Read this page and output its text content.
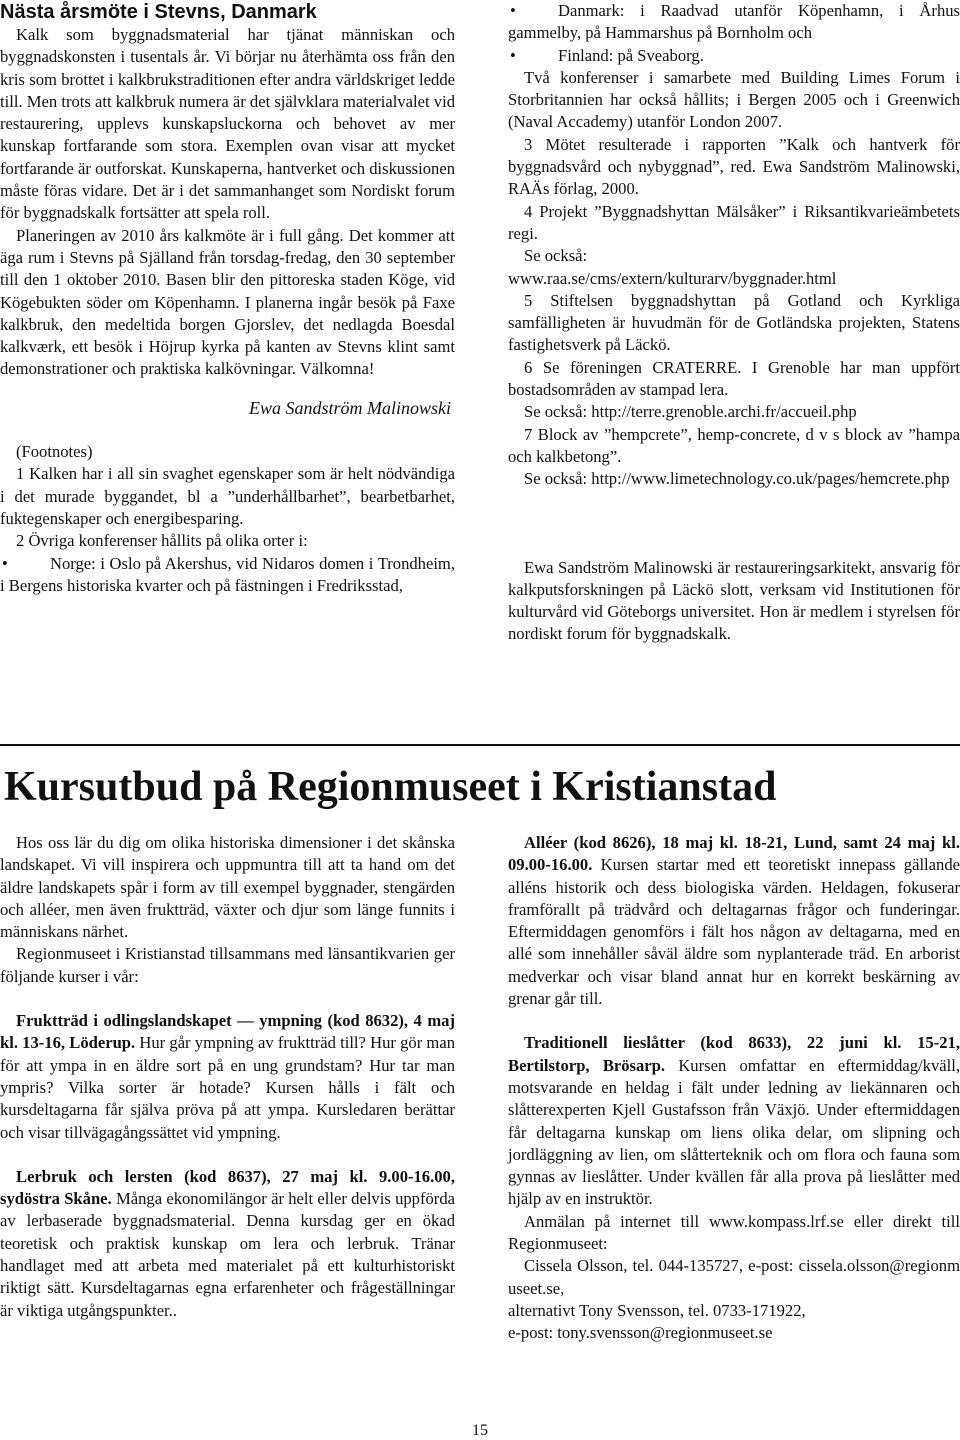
Nästa årsmöte i Stevns, Danmark

Kalk som byggnadsmaterial har tjänat människan och byggnadskonsten i tusentals år. Vi börjar nu återhämta oss från den kris som brottet i kalkbrukstraditionen efter andra världskriget ledde till. Men trots att kalkbruk numera är det självklara materialvalet vid restaurering, upplevs kunskapsluckorna och behovet av mer kunskap fortfarande som stora. Exemplen ovan visar att mycket fortfarande är outforskat. Kunskaperna, hantverket och diskussionen måste föras vidare. Det är i det sammanhanget som Nordiskt forum för byggnadskalk fortsätter att spela roll.

Planeringen av 2010 års kalkmöte är i full gång. Det kommer att äga rum i Stevns på Själland från torsdag-fredag, den 30 september till den 1 oktober 2010. Basen blir den pittoreska staden Köge, vid Kögebukten söder om Köpenhamn. I planerna ingår besök på Faxe kalkbruk, den medeltida borgen Gjorslev, det nedlagda Boesdal kalkværk, ett besök i Höjrup kyrka på kanten av Stevns klint samt demonstrationer och praktiska kalkövningar. Välkomna!

Ewa Sandström Malinowski

(Footnotes)

1 Kalken har i all sin svaghet egenskaper som är helt nödvändiga i det murade byggandet, bl a ”underhållbarhet”, bearbetbarhet, fuktegenskaper och energibesparing.

2 Övriga konferenser hållits på olika orter i:

•	Norge: i Oslo på Akershus, vid Nidaros domen i Trondheim, i Bergens historiska kvarter och på fästningen i Fredriksstad,

•	Danmark: i Raadvad utanför Köpenhamn, i Århus gammelby, på Hammarshus på Bornholm och

•	Finland: på Sveaborg.

Två konferenser i samarbete med Building Limes Forum i Storbritannien har också hållits; i Bergen 2005 och i Greenwich (Naval Accademy) utanför London 2007.

3 Mötet resulterade i rapporten ”Kalk och hantverk för byggnadsvård och nybyggnad”, red. Ewa Sandström Malinowski, RAÄs förlag, 2000.

4 Projekt ”Byggnadshyttan Mälsåker” i Riksantikvarieämbetets regi.

Se också:

www.raa.se/cms/extern/kulturarv/byggnader.html

5 Stiftelsen byggnadshyttan på Gotland och Kyrkliga samfälligheten är huvudmän för de Gotländska projekten, Statens fastighetsverk på Läckö.

6 Se föreningen CRATERRE. I Grenoble har man uppfört bostadsområden av stampad lera.

Se också: http://terre.grenoble.archi.fr/accueil.php

7 Block av ”hempcrete”, hemp-concrete, d v s block av ”hampa och kalkbetong”.

Se också: http://www.limetechnology.co.uk/pages/hemcrete.php

Ewa Sandström Malinowski är restaureringsarkitekt, ansvarig för kalkputsforskningen på Läckö slott, verksam vid Institutionen för kulturvård vid Göteborgs universitet. Hon är medlem i styrelsen för nordiskt forum för byggnadskalk.

Kursutbud på Regionmuseet i Kristianstad

Hos oss lär du dig om olika historiska dimensioner i det skånska landskapet. Vi vill inspirera och uppmuntra till att ta hand om det äldre landskapets spår i form av till exempel byggnader, stengärden och alléer, men även fruktträd, växter och djur som länge funnits i människans närhet.

Regionmuseet i Kristianstad tillsammans med länsantikvarien ger följande kurser i vår:

Fruktträd i odlingslandskapet — ympning (kod 8632), 4 maj kl. 13-16, Löderup. Hur går ympning av fruktträd till? Hur gör man för att ympa in en äldre sort på en ung grundstam? Hur tar man ympris? Vilka sorter är hotade? Kursen hålls i fält och kursdeltagarna får själva pröva på att ympa. Kursledaren berättar och visar tillvägagångssättet vid ympning.

Lerbruk och lersten (kod 8637), 27 maj kl. 9.00-16.00, sydöstra Skåne. Många ekonomilängor är helt eller delvis uppförda av lerbaserade byggnadsmaterial. Denna kursdag ger en ökad teoretisk och praktisk kunskap om lera och lerbruk. Tränar handlaget med att arbeta med materialet på ett kulturhistoriskt riktigt sätt. Kursdeltagarnas egna erfarenheter och frågeställningar är viktiga utgångspunkter..

Alléer (kod 8626), 18 maj kl. 18-21, Lund, samt 24 maj kl. 09.00-16.00. Kursen startar med ett teoretiskt innepass gällande alléns historik och dess biologiska värden. Heldagen, fokuserar framförallt på trädvård och deltagarnas frågor och funderingar. Eftermiddagen genomförs i fält hos någon av deltagarna, med en allé som innehåller såväl äldre som nyplanterade träd. En arborist medverkar och visar bland annat hur en korrekt beskärning av grenar går till.

Traditionell lieslåtter (kod 8633), 22 juni kl. 15-21, Bertilstorp, Brösarp. Kursen omfattar en eftermiddag/kväll, motsvarande en heldag i fält under ledning av liekännaren och slåtterexperten Kjell Gustafsson från Växjö. Under eftermiddagen får deltagarna kunskap om liens olika delar, om slipning och jordläggning av lien, om slåtterteknik och om flora och fauna som gynnas av lieslåtter. Under kvällen får alla prova på lieslåtter med hjälp av en instruktör.

Anmälan på internet till www.kompass.lrf.se eller direkt till Regionmuseet:

Cissela Olsson, tel. 044-135727, e-post: cissela.olsson@regionmuseet.se,

alternativt Tony Svensson, tel. 0733-171922,

e-post: tony.svensson@regionmuseet.se

15
